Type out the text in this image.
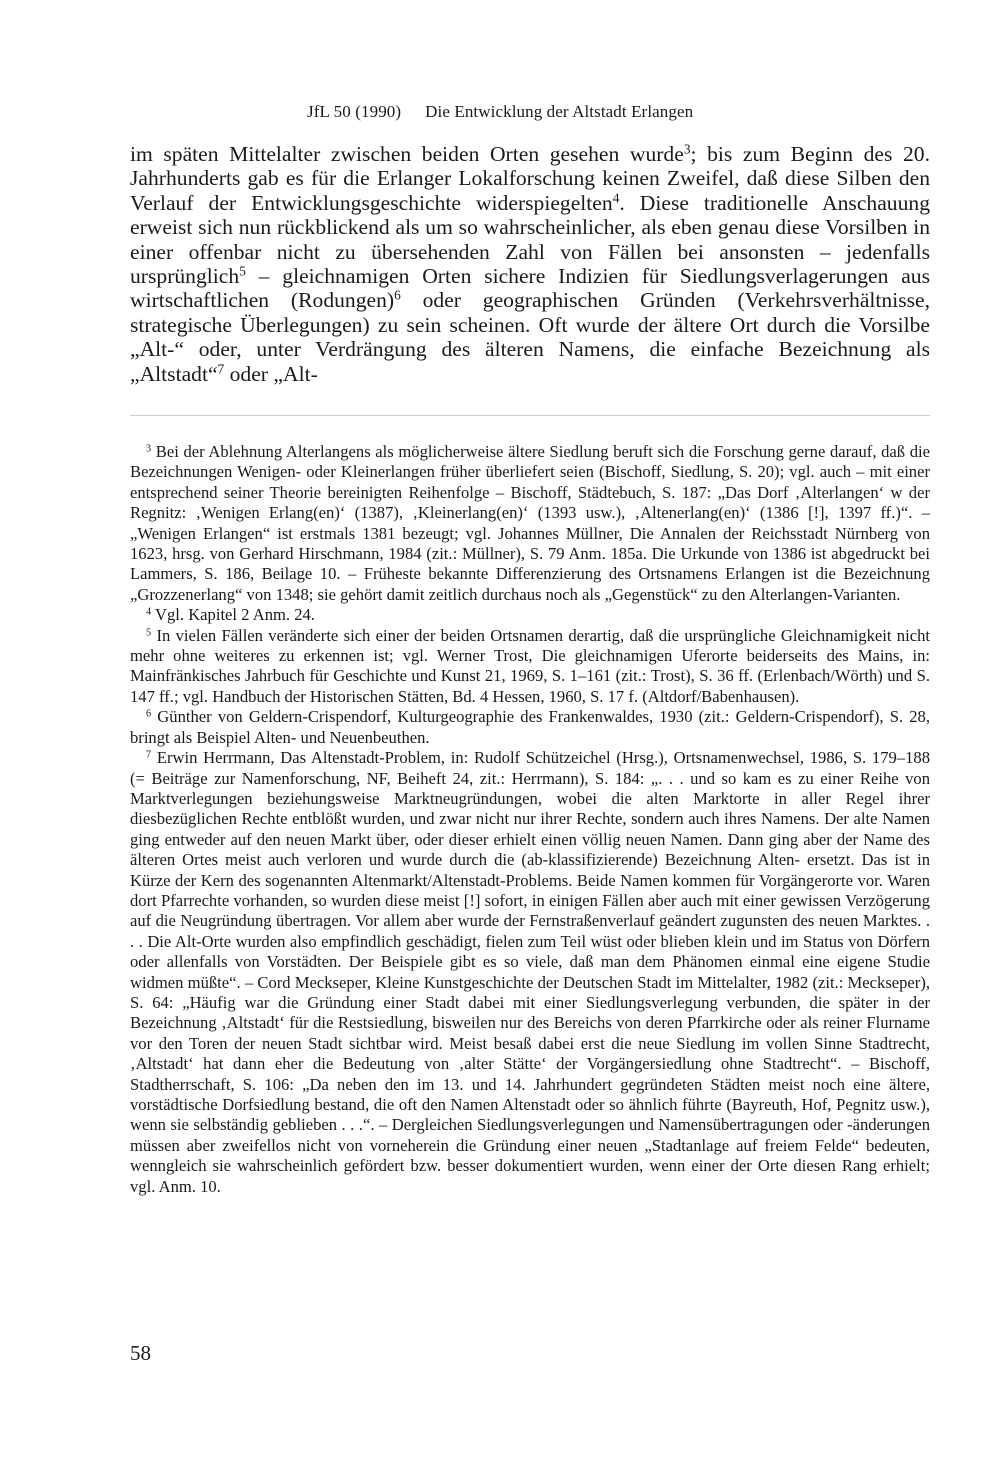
JfL 50 (1990) Die Entwicklung der Altstadt Erlangen

im späten Mittelalter zwischen beiden Orten gesehen wurde$^3$; bis zum Beginn des 20. Jahrhunderts gab es für die Erlanger Lokalforschung keinen Zweifel, daß diese Silben den Verlauf der Entwicklungsgeschichte widerspiegelten$^4$. Diese traditionelle Anschauung erweist sich nun rückblickend als um so wahrscheinlicher, als eben genau diese Vorsilben in einer offenbar nicht zu übersehenden Zahl von Fällen bei ansonsten – jedenfalls ursprünglich$^5$ – gleichnamigen Orten sichere Indizien für Siedlungsverlagerungen aus wirtschaftlichen (Rodungen)$^6$ oder geographischen Gründen (Verkehrsverhältnisse, strategische Überlegungen) zu sein scheinen. Oft wurde der ältere Ort durch die Vorsilbe „Alt-“ oder, unter Verdrängung des älteren Namens, die einfache Bezeichnung als „Altstadt“$^7$ oder „Alt-

$^3$ Bei der Ablehnung Alterlangens als möglicherweise ältere Siedlung beruft sich die Forschung gerne darauf, daß die Bezeichnungen Wenigen- oder Kleinerlangen früher überliefert seien (Bischoff, Siedlung, S. 20); vgl. auch – mit einer entsprechend seiner Theorie bereinigten Reihenfolge – Bischoff, Städtebuch, S. 187: „Das Dorf ‚Alterlangen‘ w der Regnitz: ‚Wenigen Erlang(en)‘ (1387), ‚Kleinerlang(en)‘ (1393 usw.), ‚Altenerlang(en)‘ (1386 [!], 1397 ff.)“. – „Wenigen Erlangen“ ist erstmals 1381 bezeugt; vgl. Johannes Müllner, Die Annalen der Reichsstadt Nürnberg von 1623, hrsg. von Gerhard Hirschmann, 1984 (zit.: Müllner), S. 79 Anm. 185a. Die Urkunde von 1386 ist abgedruckt bei Lammers, S. 186, Beilage 10. – Früheste bekannte Differenzierung des Ortsnamens Erlangen ist die Bezeichnung „Grozzenerlang“ von 1348; sie gehört damit zeitlich durchaus noch als „Gegenstück“ zu den Alterlangen-Varianten.

$^4$ Vgl. Kapitel 2 Anm. 24.

$^5$ In vielen Fällen veränderte sich einer der beiden Ortsnamen derartig, daß die ursprüngliche Gleichnamigkeit nicht mehr ohne weiteres zu erkennen ist; vgl. Werner Trost, Die gleichnamigen Uferorte beiderseits des Mains, in: Mainfränkisches Jahrbuch für Geschichte und Kunst 21, 1969, S. 1–161 (zit.: Trost), S. 36 ff. (Erlenbach/Wörth) und S. 147 ff.; vgl. Handbuch der Historischen Stätten, Bd. 4 Hessen, 1960, S. 17 f. (Altdorf/Babenhausen).

$^6$ Günther von Geldern-Crispendorf, Kulturgeographie des Frankenwaldes, 1930 (zit.: Geldern-Crispendorf), S. 28, bringt als Beispiel Alten- und Neuenbeuthen.

$^7$ Erwin Herrmann, Das Altenstadt-Problem, in: Rudolf Schützeichel (Hrsg.), Ortsnamenwechsel, 1986, S. 179–188 (= Beiträge zur Namenforschung, NF, Beiheft 24, zit.: Herrmann), S. 184: „. . . und so kam es zu einer Reihe von Marktverlegungen beziehungsweise Marktneugründungen, wobei die alten Marktorte in aller Regel ihrer diesbezüglichen Rechte entblößt wurden, und zwar nicht nur ihrer Rechte, sondern auch ihres Namens. Der alte Namen ging entweder auf den neuen Markt über, oder dieser erhielt einen völlig neuen Namen. Dann ging aber der Name des älteren Ortes meist auch verloren und wurde durch die (ab-klassifizierende) Bezeichnung Alten- ersetzt. Das ist in Kürze der Kern des sogenannten Altenmarkt/Altenstadt-Problems. Beide Namen kommen für Vorgängerorte vor. Waren dort Pfarrechte vorhanden, so wurden diese meist [!] sofort, in einigen Fällen aber auch mit einer gewissen Verzögerung auf die Neugründung übertragen. Vor allem aber wurde der Fernstraßenverlauf geändert zugunsten des neuen Marktes. . . . Die Alt-Orte wurden also empfindlich geschädigt, fielen zum Teil wüst oder blieben klein und im Status von Dörfern oder allenfalls von Vorstädten. Der Beispiele gibt es so viele, daß man dem Phänomen einmal eine eigene Studie widmen müßte“. – Cord Meckseper, Kleine Kunstgeschichte der Deutschen Stadt im Mittelalter, 1982 (zit.: Meckseper), S. 64: „Häufig war die Gründung einer Stadt dabei mit einer Siedlungsverlegung verbunden, die später in der Bezeichnung ‚Altstadt‘ für die Restsiedlung, bisweilen nur des Bereichs von deren Pfarrkirche oder als reiner Flurname vor den Toren der neuen Stadt sichtbar wird. Meist besaß dabei erst die neue Siedlung im vollen Sinne Stadtrecht, ‚Altstadt‘ hat dann eher die Bedeutung von ‚alter Stätte‘ der Vorgängersiedlung ohne Stadtrecht“. – Bischoff, Stadtherrschaft, S. 106: „Da neben den im 13. und 14. Jahrhundert gegründeten Städten meist noch eine ältere, vorstädtische Dorfsiedlung bestand, die oft den Namen Altenstadt oder so ähnlich führte (Bayreuth, Hof, Pegnitz usw.), wenn sie selbständig geblieben . . .“. – Dergleichen Siedlungsverlegungen und Namensübertragungen oder -änderungen müssen aber zweifellos nicht von vorneherein die Gründung einer neuen „Stadtanlage auf freiem Felde“ bedeuten, wenngleich sie wahrscheinlich gefördert bzw. besser dokumentiert wurden, wenn einer der Orte diesen Rang erhielt; vgl. Anm. 10.

58
